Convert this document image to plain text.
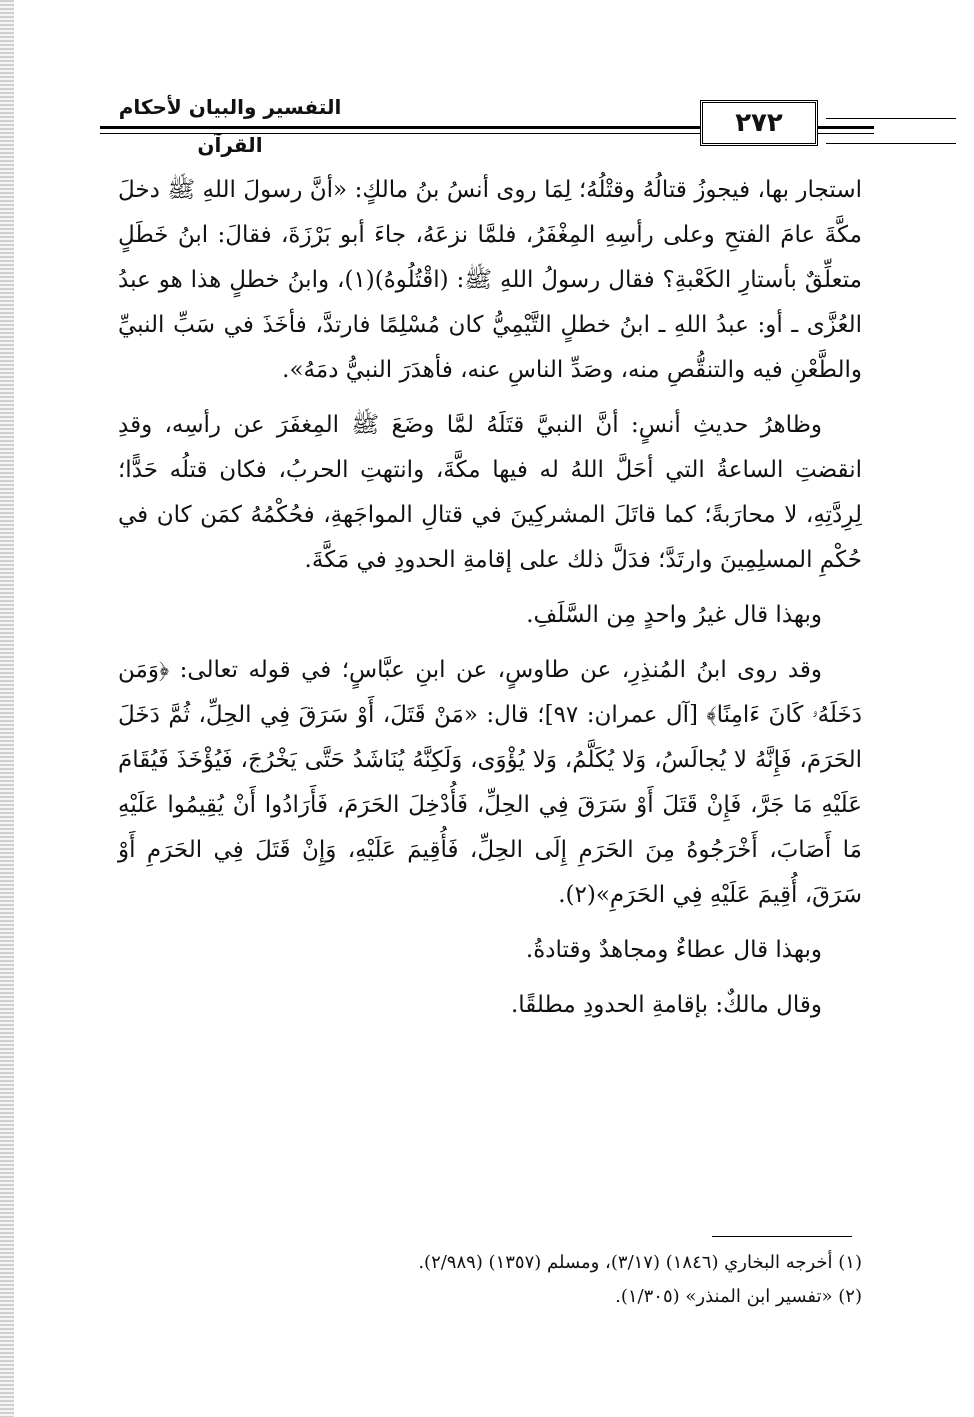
التفسير والبيان لأحكام القرآن
٢٧٢

استجار بها، فيجوزُ قتالُهُ وقتْلُهُ؛ لِمَا روى أنسُ بنُ مالكٍ: «أنَّ رسولَ اللهِ ﷺ دخلَ مكَّةَ عامَ الفتحِ وعلى رأسِهِ المِغْفَرُ، فلمَّا نزعَهُ، جاءَ أبو بَرْزَةَ، فقالَ: ابنُ خَطَلٍ متعلِّقٌ بأستارِ الكَعْبةِ؟ فقال رسولُ اللهِ ﷺ: (اقْتُلُوهُ)(١)، وابنُ خطلٍ هذا هو عبدُ العُزَّى ـ أو: عبدُ اللهِ ـ ابنُ خطلٍ التَّيْمِيُّ كان مُسْلِمًا فارتدَّ، فأخَذَ في سَبِّ النبيِّ والطَّعْنِ فيه والتنقُّصِ منه، وصَدِّ الناسِ عنه، فأهدَرَ النبيُّ دمَهُ».

وظاهرُ حديثِ أنسٍ: أنَّ النبيَّ قتَلَهُ لمَّا وضَعَ ﷺ المِغفَرَ عن رأسِه، وقدِ انقضتِ الساعةُ التي أحَلَّ اللهُ له فيها مكَّةَ، وانتهتِ الحربُ، فكان قتلُه حَدًّا؛ لِرِدَّتِهِ، لا محارَبةً؛ كما قاتَلَ المشركِينَ في قتالِ المواجَهةِ، فحُكْمُهُ كمَن كان في حُكْمِ المسلِمِينَ وارتَدَّ؛ فدَلَّ ذلك على إقامةِ الحدودِ في مَكَّةَ.

وبهذا قال غيرُ واحدٍ مِن السَّلَفِ.

وقد روى ابنُ المُنذِرِ، عن طاوسٍ، عن ابنِ عبَّاسٍ؛ في قوله تعالى: ﴿وَمَن دَخَلَهُۥ كَانَ ءَامِنًا﴾ [آل عمران: ٩٧]؛ قال: «مَنْ قَتَلَ، أَوْ سَرَقَ فِي الحِلِّ، ثُمَّ دَخَلَ الحَرَمَ، فَإِنَّهُ لا يُجالَسُ، وَلا يُكَلَّمُ، وَلا يُؤْوَى، وَلَكِنَّهُ يُنَاشَدُ حَتَّى يَخْرُجَ، فَيُؤْخَذَ فَيُقَامَ عَلَيْهِ مَا جَرَّ، فَإِنْ قَتَلَ أَوْ سَرَقَ فِي الحِلِّ، فَأُدْخِلَ الحَرَمَ، فَأَرَادُوا أَنْ يُقِيمُوا عَلَيْهِ مَا أَصَابَ، أَخْرَجُوهُ مِنَ الحَرَمِ إِلَى الحِلِّ، فَأُقِيمَ عَلَيْهِ، وَإِنْ قَتَلَ فِي الحَرَمِ أَوْ سَرَقَ، أُقِيمَ عَلَيْهِ فِي الحَرَمِ»(٢).

وبهذا قال عطاءٌ ومجاهدٌ وقتادةُ.

وقال مالكٌ: بإقامةِ الحدودِ مطلقًا.

(١) أخرجه البخاري (١٨٤٦) (٣/١٧)، ومسلم (١٣٥٧) (٢/٩٨٩).

(٢) «تفسير ابن المنذر» (١/٣٠٥).
